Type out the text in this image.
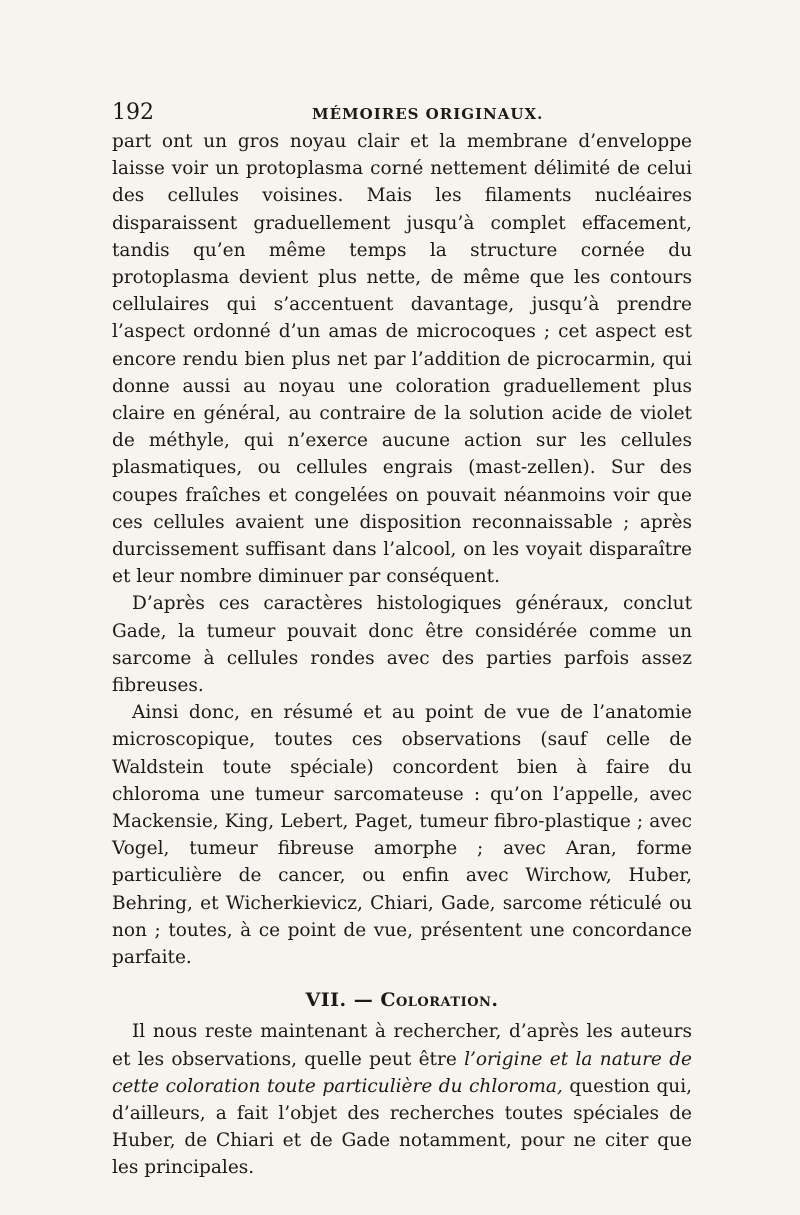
192	MÉMOIRES ORIGINAUX.

part ont un gros noyau clair et la membrane d’enveloppe laisse voir un protoplasma corné nettement délimité de celui des cellules voisines. Mais les filaments nucléaires disparaissent graduellement jusqu’à complet effacement, tandis qu’en même temps la structure cornée du protoplasma devient plus nette, de même que les contours cellulaires qui s’accentuent davantage, jusqu’à prendre l’aspect ordonné d’un amas de microcoques ; cet aspect est encore rendu bien plus net par l’addition de picrocarmin, qui donne aussi au noyau une coloration graduellement plus claire en général, au contraire de la solution acide de violet de méthyle, qui n’exerce aucune action sur les cellules plasmatiques, ou cellules engrais (mast-zellen). Sur des coupes fraîches et congelées on pouvait néanmoins voir que ces cellules avaient une disposition reconnaissable ; après durcissement suffisant dans l’alcool, on les voyait disparaître et leur nombre diminuer par conséquent.

D’après ces caractères histologiques généraux, conclut Gade, la tumeur pouvait donc être considérée comme un sarcome à cellules rondes avec des parties parfois assez fibreuses.

Ainsi donc, en résumé et au point de vue de l’anatomie microscopique, toutes ces observations (sauf celle de Waldstein toute spéciale) concordent bien à faire du chloroma une tumeur sarcomateuse : qu’on l’appelle, avec Mackensie, King, Lebert, Paget, tumeur fibro-plastique ; avec Vogel, tumeur fibreuse amorphe ; avec Aran, forme particulière de cancer, ou enfin avec Wirchow, Huber, Behring, et Wicherkievicz, Chiari, Gade, sarcome réticulé ou non ; toutes, à ce point de vue, présentent une concordance parfaite.

VII. — Coloration.

Il nous reste maintenant à rechercher, d’après les auteurs et les observations, quelle peut être l’origine et la nature de cette coloration toute particulière du chloroma, question qui, d’ailleurs, a fait l’objet des recherches toutes spéciales de Huber, de Chiari et de Gade notamment, pour ne citer que les principales.
